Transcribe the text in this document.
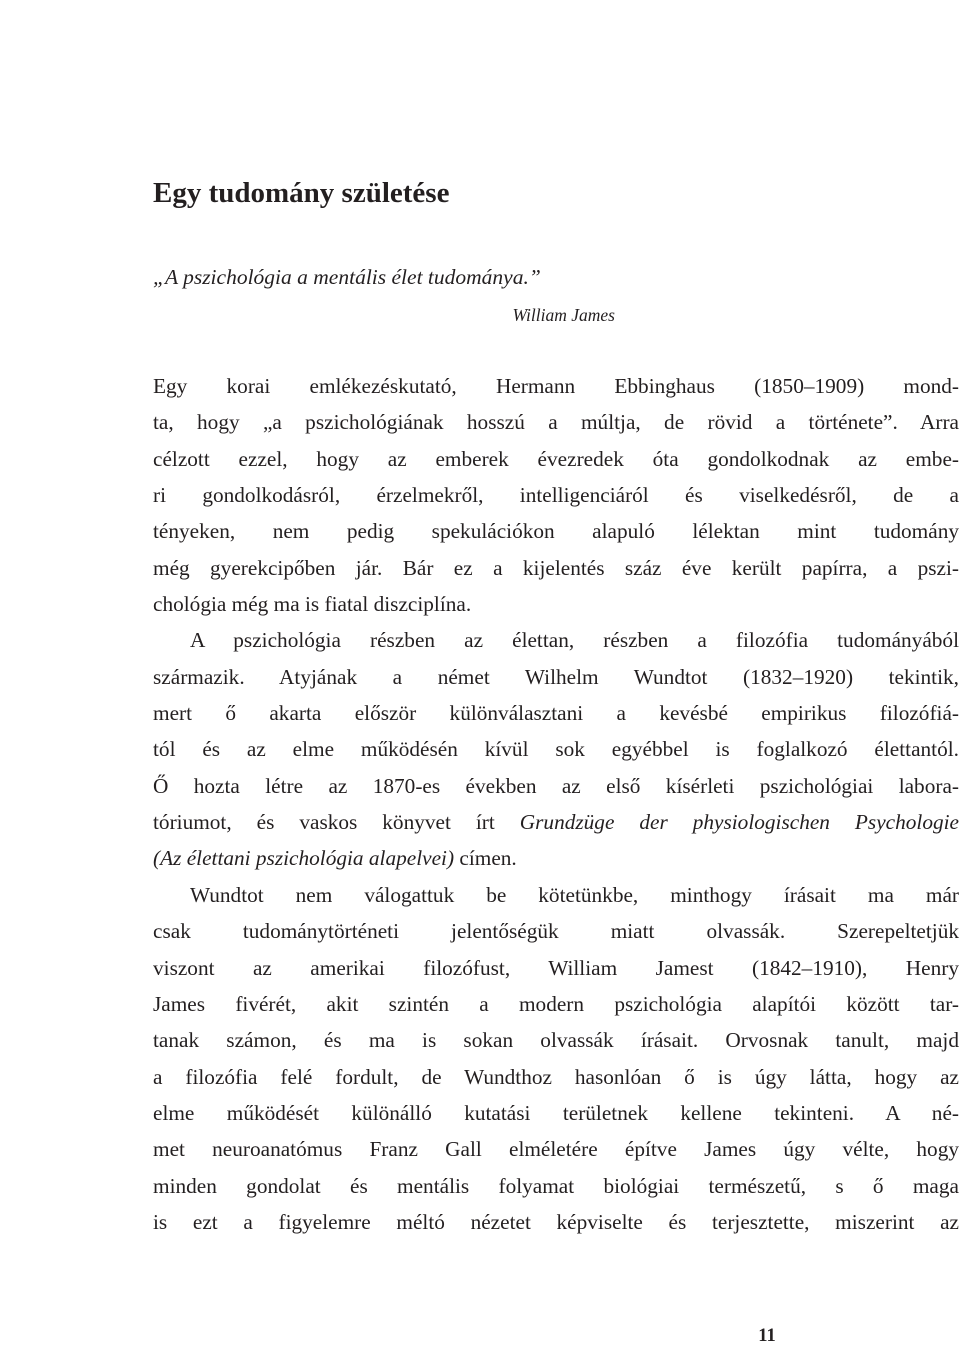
Egy tudomány születése
„A pszichológia a mentális élet tudománya.”
William James
Egy korai emlékezéskutató, Hermann Ebbinghaus (1850–1909) mond-
ta, hogy „a pszichológiának hosszú a múltja, de rövid a története”. Arra
célzott ezzel, hogy az emberek évezredek óta gondolkodnak az embe-
ri gondolkodásról, érzelmekről, intelligenciáról és viselkedésről, de a
tényeken, nem pedig spekulációkon alapuló lélektan mint tudomány
még gyerekcipőben jár. Bár ez a kijelentés száz éve került papírra, a pszi-
chológia még ma is fiatal diszciplína.
A pszichológia részben az élettan, részben a filozófia tudományából
származik. Atyjának a német Wilhelm Wundtot (1832–1920) tekintik,
mert ő akarta először különválasztani a kevésbé empirikus filozófiá-
tól és az elme működésén kívül sok egyébbel is foglalkozó élettantól.
Ő hozta létre az 1870-es években az első kísérleti pszichológiai labora-
tóriumot, és vaskos könyvet írt Grundzüge der physiologischen Psychologie
(Az élettani pszichológia alapelvei) címen.
Wundtot nem válogattuk be kötetünkbe, minthogy írásait ma már
csak tudománytörténeti jelentőségük miatt olvassák. Szerepeltetjük
viszont az amerikai filozófust, William Jamest (1842–1910), Henry
James fivérét, akit szintén a modern pszichológia alapítói között tar-
tanak számon, és ma is sokan olvassák írásait. Orvosnak tanult, majd
a filozófia felé fordult, de Wundthoz hasonlóan ő is úgy látta, hogy az
elme működését különálló kutatási területnek kellene tekinteni. A né-
met neuroanatómus Franz Gall elméletére építve James úgy vélte, hogy
minden gondolat és mentális folyamat biológiai természetű, s ő maga
is ezt a figyelemre méltó nézetet képviselte és terjesztette, miszerint az
11
